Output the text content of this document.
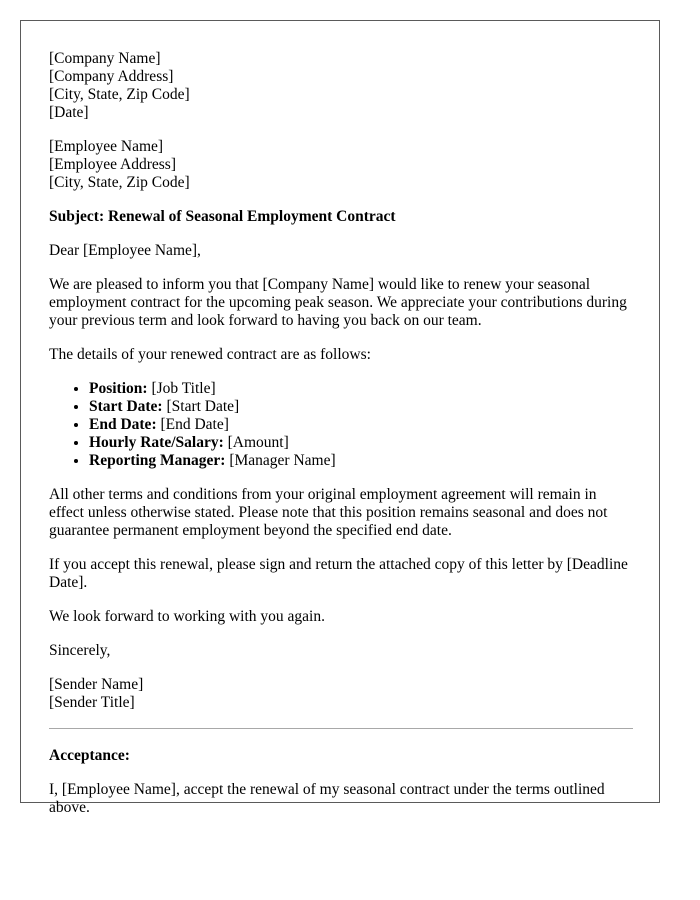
[Company Name]
[Company Address]
[City, State, Zip Code]
[Date]
[Employee Name]
[Employee Address]
[City, State, Zip Code]

Subject: Renewal of Seasonal Employment Contract

Dear [Employee Name],

We are pleased to inform you that [Company Name] would like to renew your seasonal employment contract for the upcoming peak season. We appreciate your contributions during your previous term and look forward to having you back on our team.

The details of your renewed contract are as follows:

• Position: [Job Title]
• Start Date: [Start Date]
• End Date: [End Date]
• Hourly Rate/Salary: [Amount]
• Reporting Manager: [Manager Name]

All other terms and conditions from your original employment agreement will remain in effect unless otherwise stated. Please note that this position remains seasonal and does not guarantee permanent employment beyond the specified end date.

If you accept this renewal, please sign and return the attached copy of this letter by [Deadline Date].

We look forward to working with you again.

Sincerely,

[Sender Name]
[Sender Title]

Acceptance:

I, [Employee Name], accept the renewal of my seasonal contract under the terms outlined above.
